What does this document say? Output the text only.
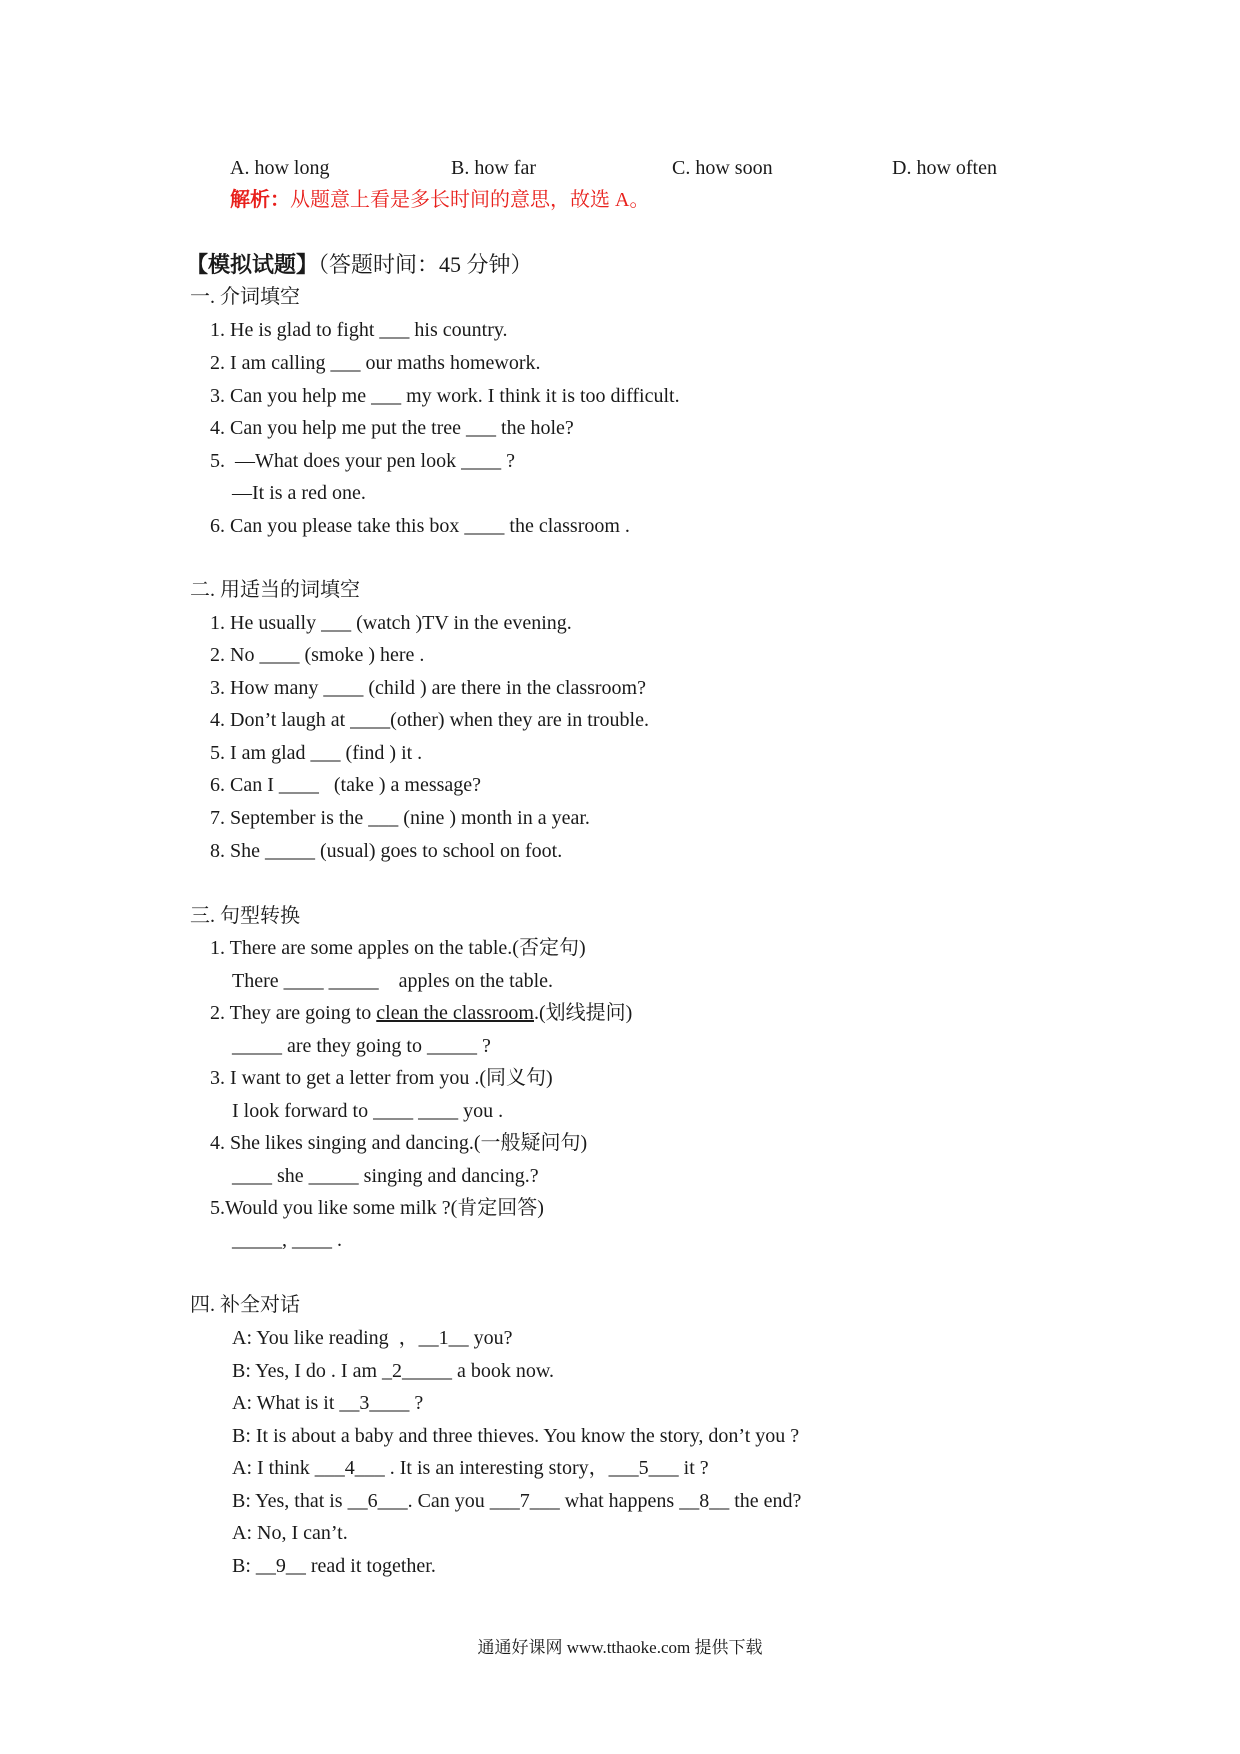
A. how long	B. how far	C. how soon	D. how often
解析：从题意上看是多长时间的意思，故选 A。
【模拟试题】（答题时间：45 分钟）
一. 介词填空
1. He is glad to fight ___ his country.
2. I am calling ___ our maths homework.
3. Can you help me ___ my work. I think it is too difficult.
4. Can you help me put the tree ___ the hole?
5.  —What does your pen look ____ ?
—It is a red one.
6. Can you please take this box ____ the classroom .
二. 用适当的词填空
1. He usually ___ (watch )TV in the evening.
2. No ____ (smoke ) here .
3. How many ____ (child ) are there in the classroom?
4. Don’t laugh at ____(other) when they are in trouble.
5. I am glad ___ (find ) it .
6. Can I ____   (take ) a message?
7. September is the ___ (nine ) month in a year.
8. She _____ (usual) goes to school on foot.
三. 句型转换
1. There are some apples on the table.(否定句)
There ____ _____    apples on the table.
2. They are going to clean the classroom.(划线提问)
_____ are they going to _____ ?
3. I want to get a letter from you .(同义句)
I look forward to ____ ____ you .
4. She likes singing and dancing.(一般疑问句)
____ she _____ singing and dancing.?
5.Would you like some milk ?(肯定回答)
_____, ____ .
四. 补全对话
A: You like reading  ，__1__ you?
B: Yes, I do . I am _2_____ a book now.
A: What is it __3____ ?
B: It is about a baby and three thieves. You know the story, don’t you ?
A: I think ___4___ . It is an interesting story，___5___ it ?
B: Yes, that is __6___. Can you ___7___ what happens __8__ the end?
A: No, I can’t.
B: __9__ read it together.
通通好课网 www.tthaoke.com 提供下载
